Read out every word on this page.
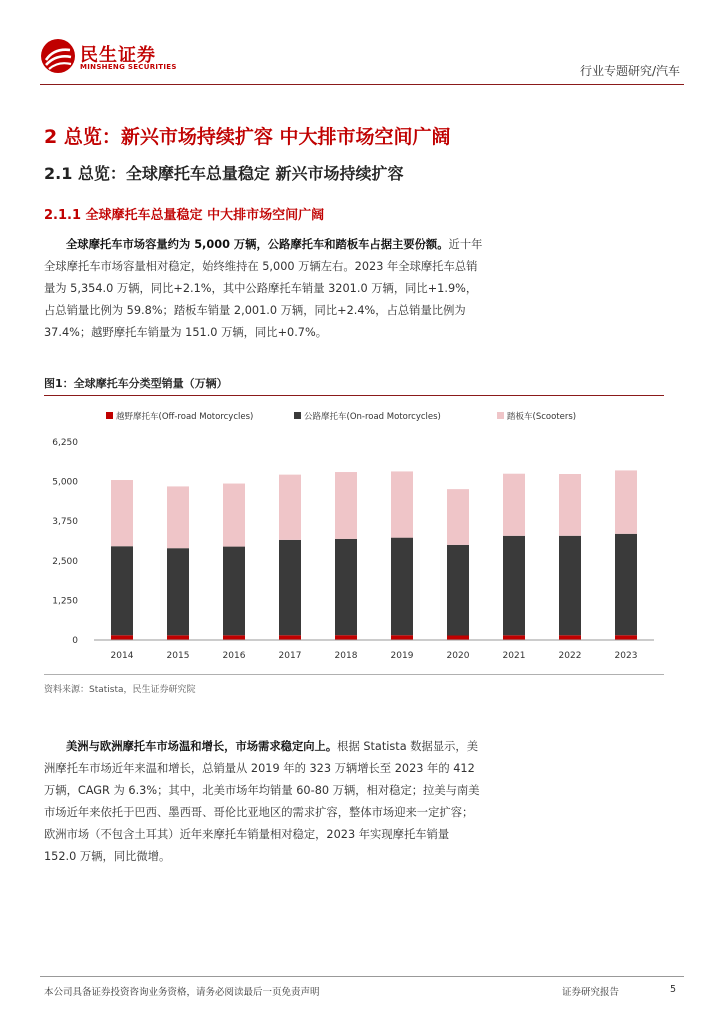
民生证券
MINSHENG SECURITIES	行业专题研究/汽车
2 总览：新兴市场持续扩容 中大排市场空间广阔
2.1 总览：全球摩托车总量稳定 新兴市场持续扩容
2.1.1 全球摩托车总量稳定 中大排市场空间广阔
全球摩托车市场容量约为 5,000 万辆，公路摩托车和踏板车占据主要份额。近十年全球摩托车市场容量相对稳定，始终维持在 5,000 万辆左右。2023 年全球摩托车总销量为 5,354.0 万辆，同比+2.1%，其中公路摩托车销量 3201.0 万辆，同比+1.9%，占总销量比例为 59.8%；踏板车销量 2,001.0 万辆，同比+2.4%，占总销量比例为 37.4%；越野摩托车销量为 151.0 万辆，同比+0.7%。
图1：全球摩托车分类型销量（万辆）
越野摩托车(Off-road Motorcycles)	公路摩托车(On-road Motorcycles)	踏板车(Scooters)
0
1,250
2,500
3,750
5,000
6,250
2014	2015	2016	2017	2018	2019	2020	2021	2022	2023
资料来源：Statista，民生证券研究院
美洲与欧洲摩托车市场温和增长，市场需求稳定向上。根据 Statista 数据显示，美洲摩托车市场近年来温和增长，总销量从 2019 年的 323 万辆增长至 2023 年的 412 万辆，CAGR 为 6.3%；其中，北美市场年均销量 60-80 万辆，相对稳定；拉美与南美市场近年来依托于巴西、墨西哥、哥伦比亚地区的需求扩容，整体市场迎来一定扩容；欧洲市场（不包含土耳其）近年来摩托车销量相对稳定，2023 年实现摩托车销量 152.0 万辆，同比微增。
本公司具备证券投资咨询业务资格，请务必阅读最后一页免责声明	证券研究报告	5
